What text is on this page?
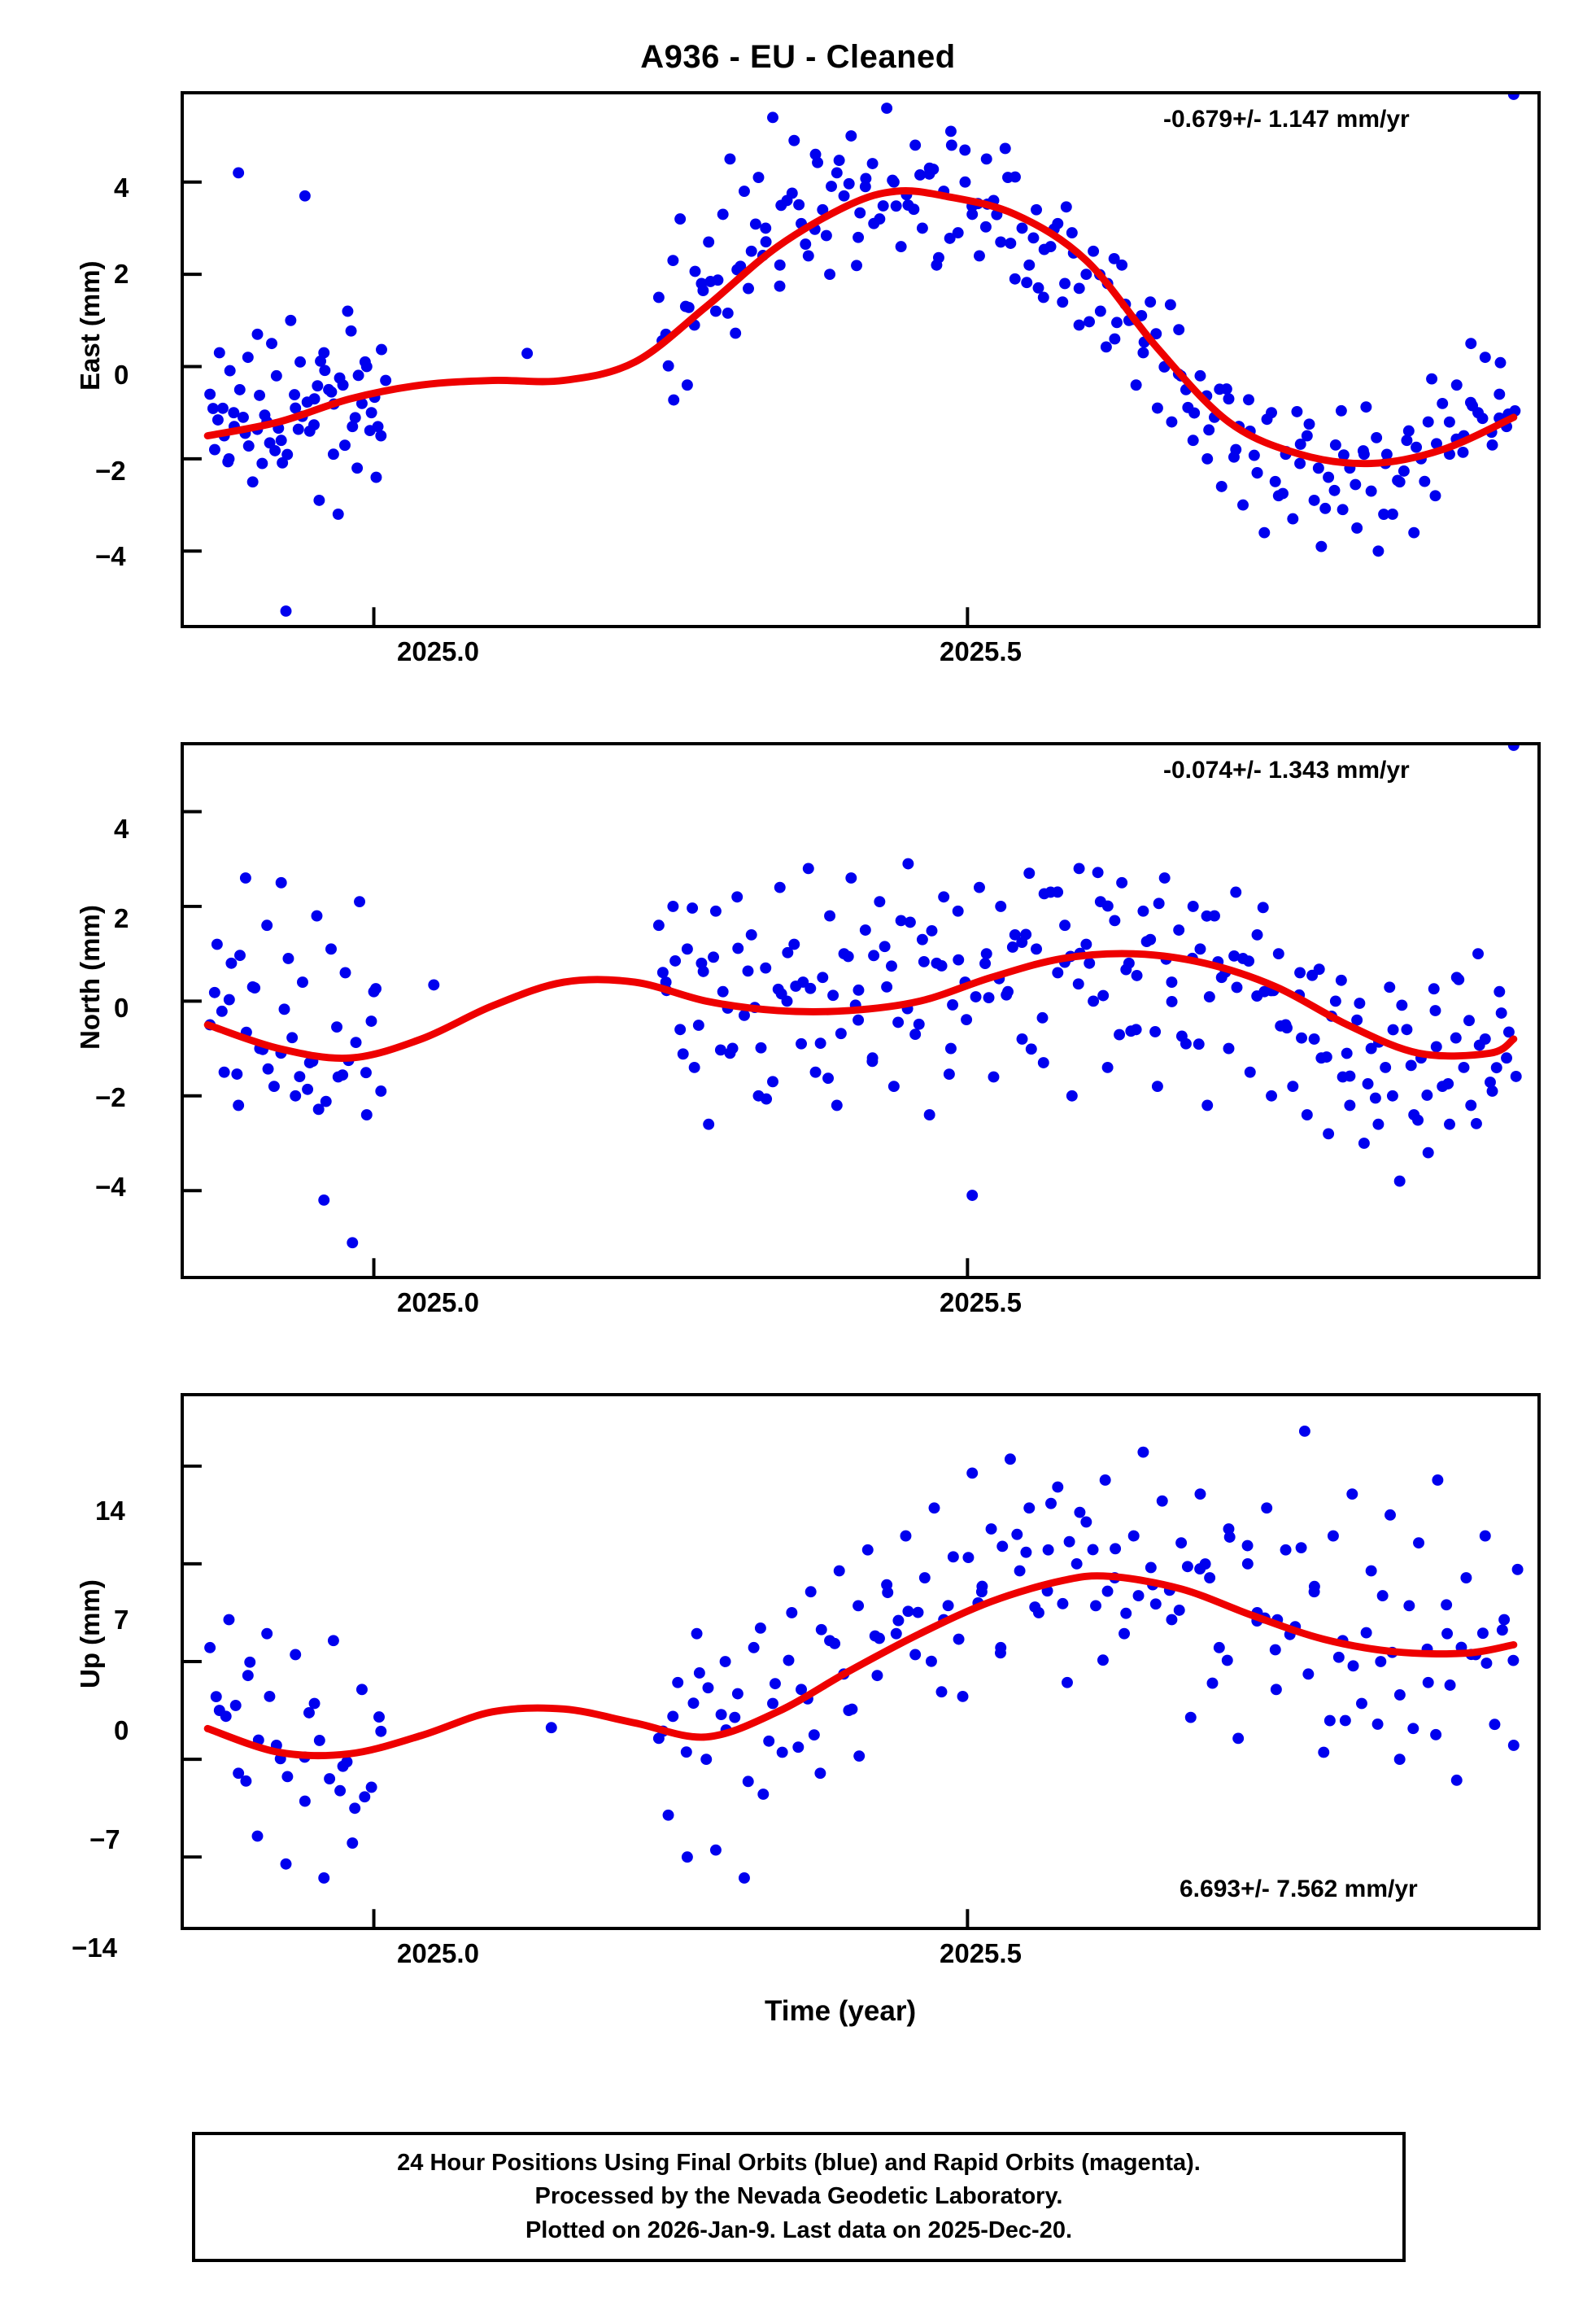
A936 - EU - Cleaned
East (mm)
-0.679+/- 1.147 mm/yr
4
2
0
−2
−4
2025.0	2025.5
North (mm)
-0.074+/- 1.343 mm/yr
4
2
0
−2
−4
2025.0	2025.5
Up (mm)
6.693+/- 7.562 mm/yr
14
7
0
−7
−14	2025.0	2025.5
Time (year)
24 Hour Positions Using Final Orbits (blue) and Rapid Orbits (magenta).
Processed by the Nevada Geodetic Laboratory.
Plotted on 2026-Jan-9. Last data on 2025-Dec-20.
